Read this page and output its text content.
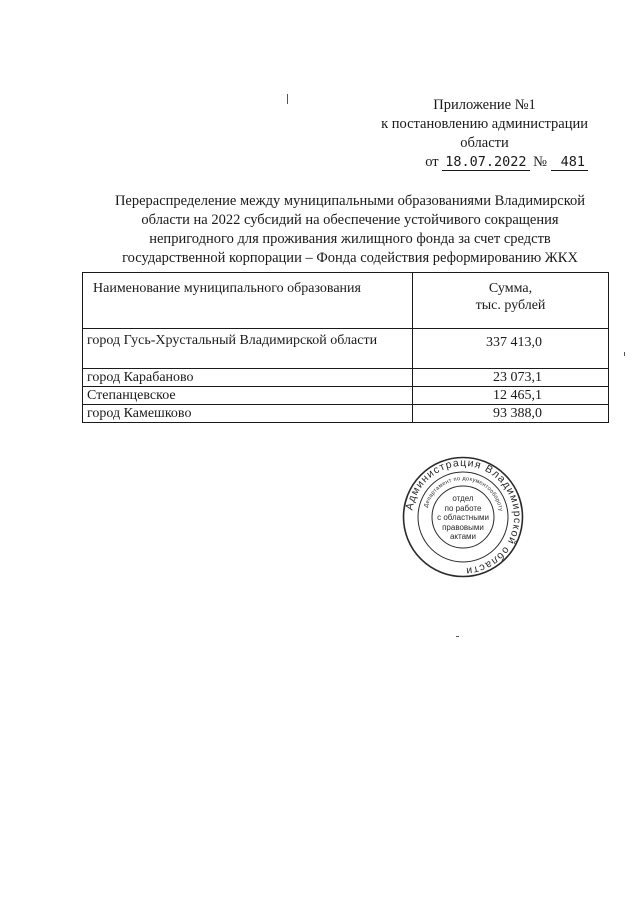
Приложение №1
к постановлению администрации
области
от 18.07.2022 № 481
Перераспределение между муниципальными образованиями Владимирской области на 2022 субсидий на обеспечение устойчивого сокращения непригодного для проживания жилищного фонда за счет средств государственной корпорации – Фонда содействия реформированию ЖКХ
Наименование муниципального образования	Сумма,
тыс. рублей
город Гусь-Хрустальный Владимирской области	337 413,0
город Карабаново	23 073,1
Степанцевское	12 465,1
город Камешково	93 388,0
Администрация Владимирской области
Департамент по документообороту
отдел
по работе
с областными
правовыми
актами
